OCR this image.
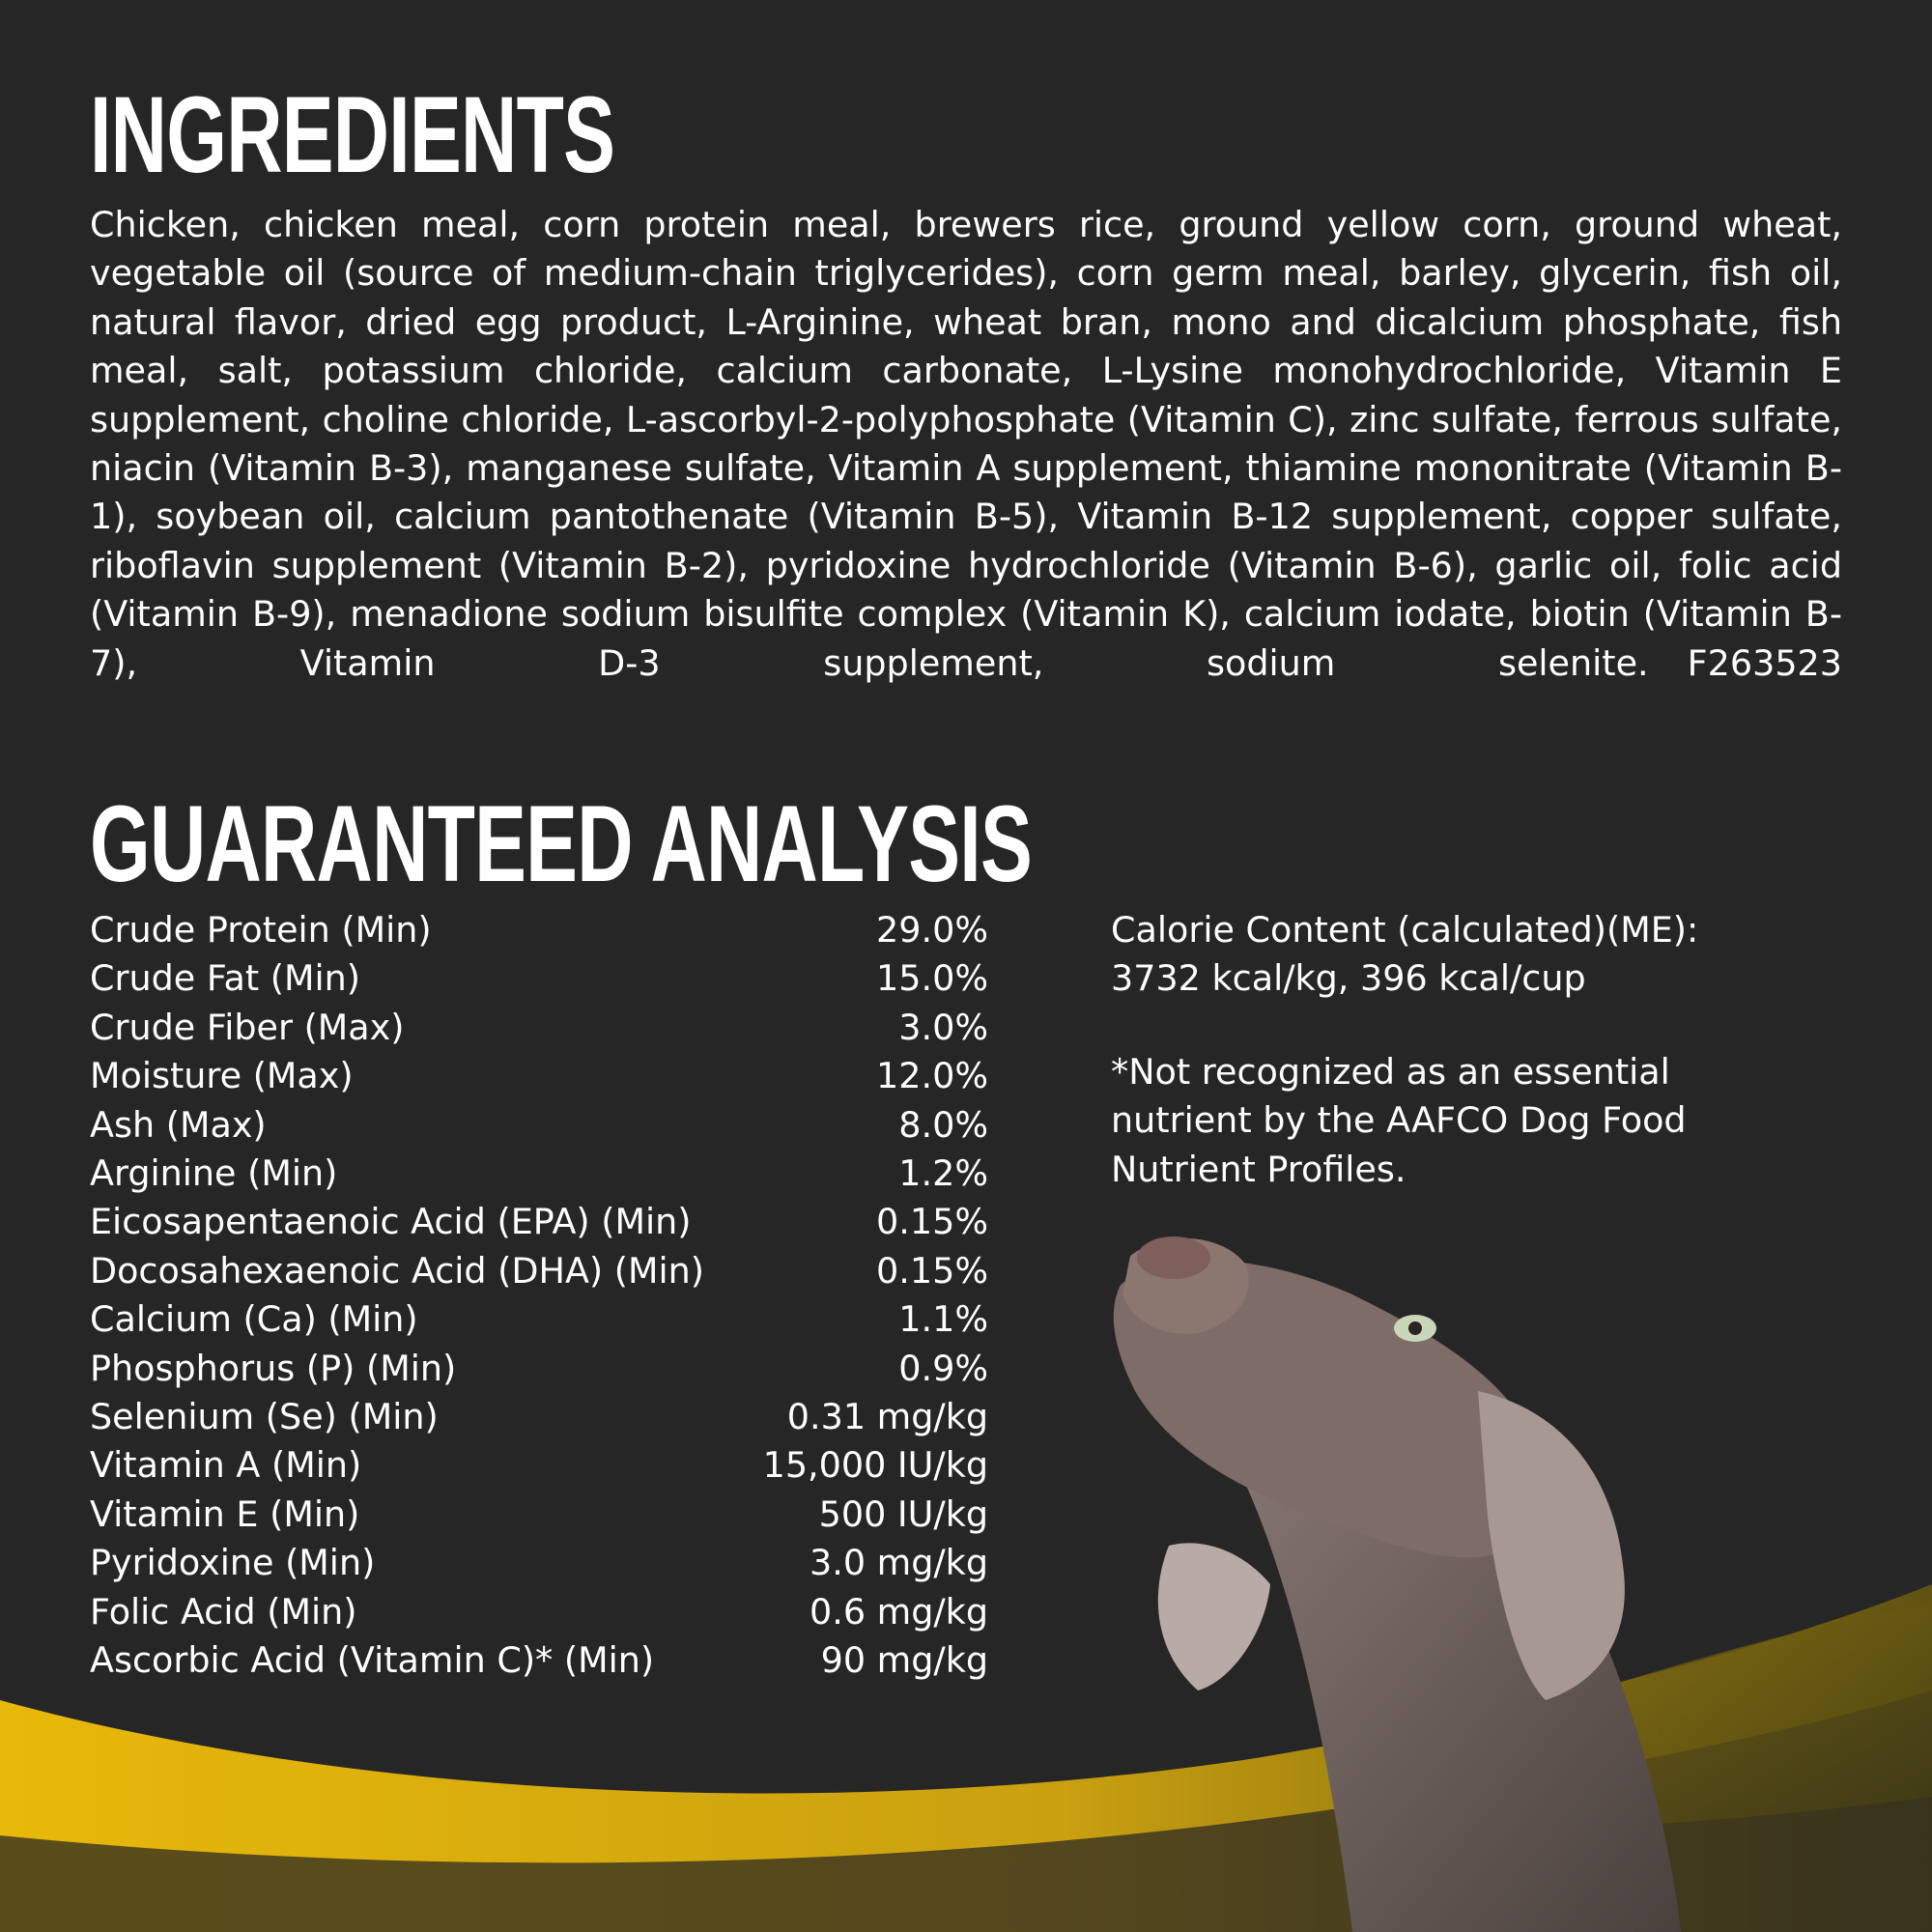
INGREDIENTS

Chicken, chicken meal, corn protein meal, brewers rice, ground yellow corn, ground wheat, vegetable oil (source of medium-chain triglycerides), corn germ meal, barley, glycerin, fish oil, natural flavor, dried egg product, L-Arginine, wheat bran, mono and dicalcium phosphate, fish meal, salt, potassium chloride, calcium carbonate, L-Lysine monohydrochloride, Vitamin E supplement, choline chloride, L-ascorbyl-2-polyphosphate (Vitamin C), zinc sulfate, ferrous sulfate, niacin (Vitamin B-3), manganese sulfate, Vitamin A supplement, thiamine mononitrate (Vitamin B-1), soybean oil, calcium pantothenate (Vitamin B-5), Vitamin B-12 supplement, copper sulfate, riboflavin supplement (Vitamin B-2), pyridoxine hydrochloride (Vitamin B-6), garlic oil, folic acid (Vitamin B-9), menadione sodium bisulfite complex (Vitamin K), calcium iodate, biotin (Vitamin B-7), Vitamin D-3 supplement, sodium selenite. F263523

GUARANTEED ANALYSIS
Crude Protein (Min)	29.0%
Crude Fat (Min)	15.0%
Crude Fiber (Max)	3.0%
Moisture (Max)	12.0%
Ash (Max)	8.0%
Arginine (Min)	1.2%
Eicosapentaenoic Acid (EPA) (Min)	0.15%
Docosahexaenoic Acid (DHA) (Min)	0.15%
Calcium (Ca) (Min)	1.1%
Phosphorus (P) (Min)	0.9%
Selenium (Se) (Min)	0.31 mg/kg
Vitamin A (Min)	15,000 IU/kg
Vitamin E (Min)	500 IU/kg
Pyridoxine (Min)	3.0 mg/kg
Folic Acid (Min)	0.6 mg/kg
Ascorbic Acid (Vitamin C)* (Min)	90 mg/kg
Calorie Content (calculated)(ME):
3732 kcal/kg, 396 kcal/cup

*Not recognized as an essential nutrient by the AAFCO Dog Food Nutrient Profiles.
